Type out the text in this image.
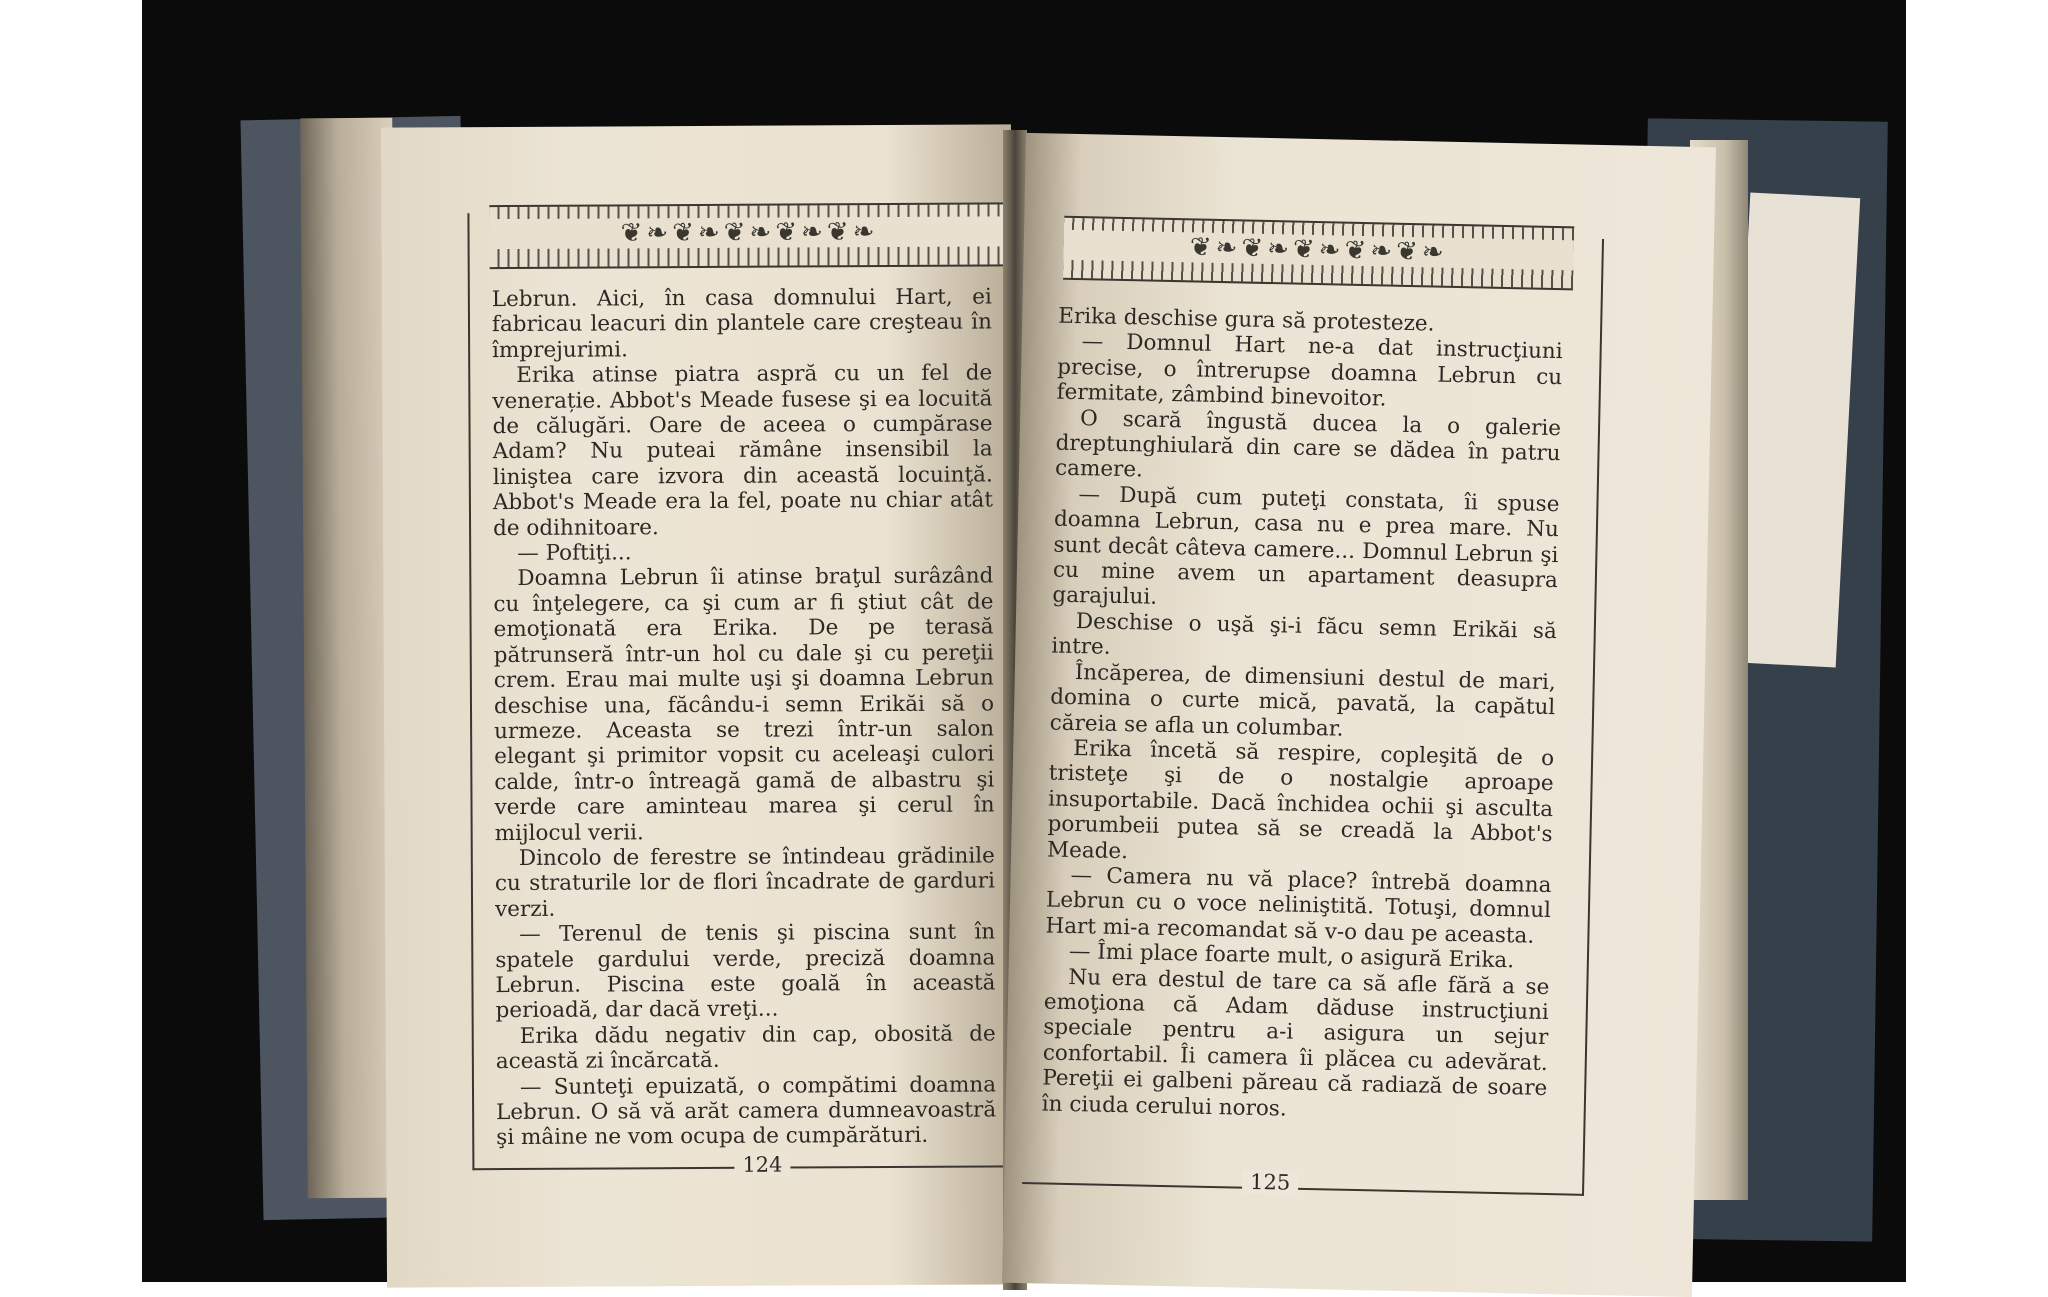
❦❧❦❧❦❧❦❧❦❧

Lebrun. Aici, în casa domnului Hart, ei fabricau leacuri din plantele care creşteau în împrejurimi.

Erika atinse piatra aspră cu un fel de venerație. Abbot's Meade fusese şi ea locuită de călugări. Oare de aceea o cumpărase Adam? Nu puteai rămâne insensibil la liniştea care izvora din această locuinţă. Abbot's Meade era la fel, poate nu chiar atât de odihnitoare.

— Poftiţi...

Doamna Lebrun îi atinse braţul surâzând cu înţelegere, ca şi cum ar fi ştiut cât de emoţionată era Erika. De pe terasă pătrunseră într-un hol cu dale şi cu pereţii crem. Erau mai multe uşi şi doamna Lebrun deschise una, făcându-i semn Erikăi să o urmeze. Aceasta se trezi într-un salon elegant şi primitor vopsit cu aceleaşi culori calde, într-o întreagă gamă de albastru şi verde care aminteau marea şi cerul în mijlocul verii.

Dincolo de ferestre se întindeau grădinile cu straturile lor de flori încadrate de garduri verzi.

— Terenul de tenis şi piscina sunt în spatele gardului verde, preciză doamna Lebrun. Piscina este goală în această perioadă, dar dacă vreţi...

Erika dădu negativ din cap, obosită de această zi încărcată.

— Sunteţi epuizată, o compătimi doamna Lebrun. O să vă arăt camera dumneavoastră şi mâine ne vom ocupa de cumpărături.

124
❦❧❦❧❦❧❦❧❦❧

Erika deschise gura să protesteze.

— Domnul Hart ne-a dat instrucţiuni precise, o întrerupse doamna Lebrun cu fermitate, zâmbind binevoitor.

O scară îngustă ducea la o galerie dreptunghiulară din care se dădea în patru camere.

— După cum puteţi constata, îi spuse doamna Lebrun, casa nu e prea mare. Nu sunt decât câteva camere... Domnul Lebrun şi cu mine avem un apartament deasupra garajului.

Deschise o uşă şi-i făcu semn Erikăi să intre.

Încăperea, de dimensiuni destul de mari, domina o curte mică, pavată, la capătul căreia se afla un columbar.

Erika încetă să respire, copleşită de o tristeţe şi de o nostalgie aproape insuportabile. Dacă închidea ochii şi asculta porumbeii putea să se creadă la Abbot's Meade.

— Camera nu vă place? întrebă doamna Lebrun cu o voce neliniştită. Totuşi, domnul Hart mi-a recomandat să v-o dau pe aceasta.

— Îmi place foarte mult, o asigură Erika.

Nu era destul de tare ca să afle fără a se emoţiona că Adam dăduse instrucţiuni speciale pentru a-i asigura un sejur confortabil. Îi camera îi plăcea cu adevărat. Pereţii ei galbeni păreau că radiază de soare în ciuda cerului noros.

125
